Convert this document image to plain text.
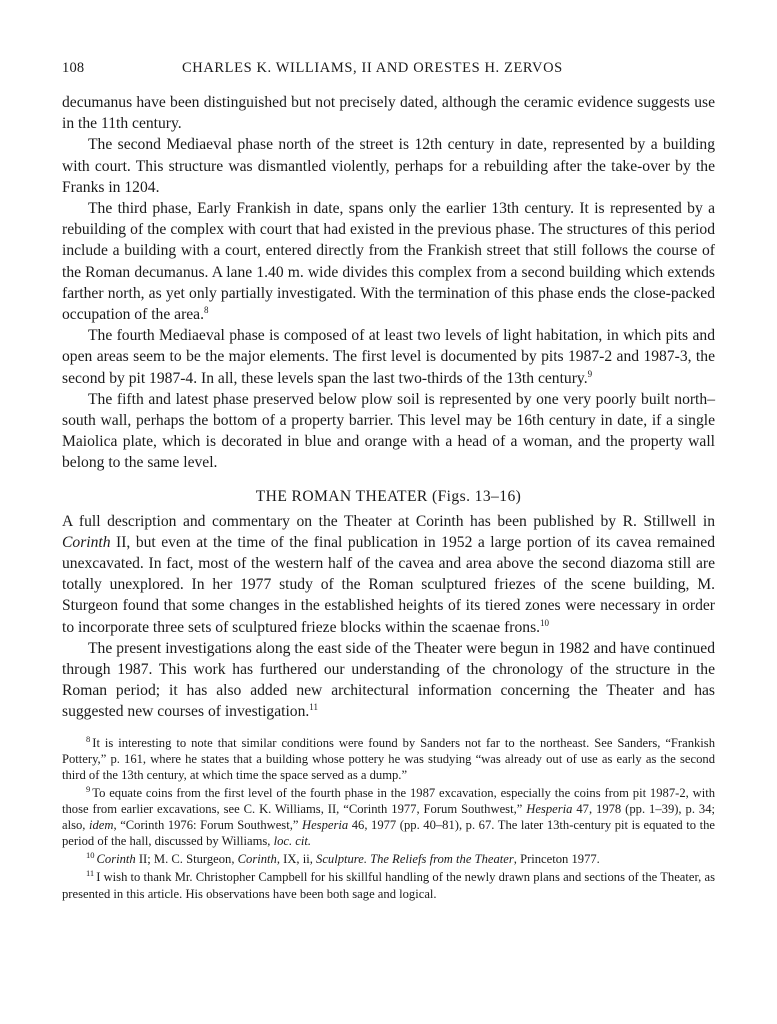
108	CHARLES K. WILLIAMS, II AND ORESTES H. ZERVOS

decumanus have been distinguished but not precisely dated, although the ceramic evidence suggests use in the 11th century.

The second Mediaeval phase north of the street is 12th century in date, represented by a building with court. This structure was dismantled violently, perhaps for a rebuilding after the take-over by the Franks in 1204.

The third phase, Early Frankish in date, spans only the earlier 13th century. It is represented by a rebuilding of the complex with court that had existed in the previous phase. The structures of this period include a building with a court, entered directly from the Frankish street that still follows the course of the Roman decumanus. A lane 1.40 m. wide divides this complex from a second building which extends farther north, as yet only partially investigated. With the termination of this phase ends the close-packed occupation of the area.$^8$

The fourth Mediaeval phase is composed of at least two levels of light habitation, in which pits and open areas seem to be the major elements. The first level is documented by pits 1987-2 and 1987-3, the second by pit 1987-4. In all, these levels span the last two-thirds of the 13th century.$^9$

The fifth and latest phase preserved below plow soil is represented by one very poorly built north–south wall, perhaps the bottom of a property barrier. This level may be 16th century in date, if a single Maiolica plate, which is decorated in blue and orange with a head of a woman, and the property wall belong to the same level.

THE ROMAN THEATER (Figs. 13–16)

A full description and commentary on the Theater at Corinth has been published by R. Stillwell in Corinth II, but even at the time of the final publication in 1952 a large portion of its cavea remained unexcavated. In fact, most of the western half of the cavea and area above the second diazoma still are totally unexplored. In her 1977 study of the Roman sculptured friezes of the scene building, M. Sturgeon found that some changes in the established heights of its tiered zones were necessary in order to incorporate three sets of sculptured frieze blocks within the scaenae frons.$^{10}$

The present investigations along the east side of the Theater were begun in 1982 and have continued through 1987. This work has furthered our understanding of the chronology of the structure in the Roman period; it has also added new architectural information concerning the Theater and has suggested new courses of investigation.$^{11}$

$^8$ It is interesting to note that similar conditions were found by Sanders not far to the northeast. See Sanders, “Frankish Pottery,” p. 161, where he states that a building whose pottery he was studying “was already out of use as early as the second third of the 13th century, at which time the space served as a dump.”

$^9$ To equate coins from the first level of the fourth phase in the 1987 excavation, especially the coins from pit 1987-2, with those from earlier excavations, see C. K. Williams, II, “Corinth 1977, Forum Southwest,” Hesperia 47, 1978 (pp. 1–39), p. 34; also, idem, “Corinth 1976: Forum Southwest,” Hesperia 46, 1977 (pp. 40–81), p. 67. The later 13th-century pit is equated to the period of the hall, discussed by Williams, loc. cit.

$^{10}$ Corinth II; M. C. Sturgeon, Corinth, IX, ii, Sculpture. The Reliefs from the Theater, Princeton 1977.

$^{11}$ I wish to thank Mr. Christopher Campbell for his skillful handling of the newly drawn plans and sections of the Theater, as presented in this article. His observations have been both sage and logical.
